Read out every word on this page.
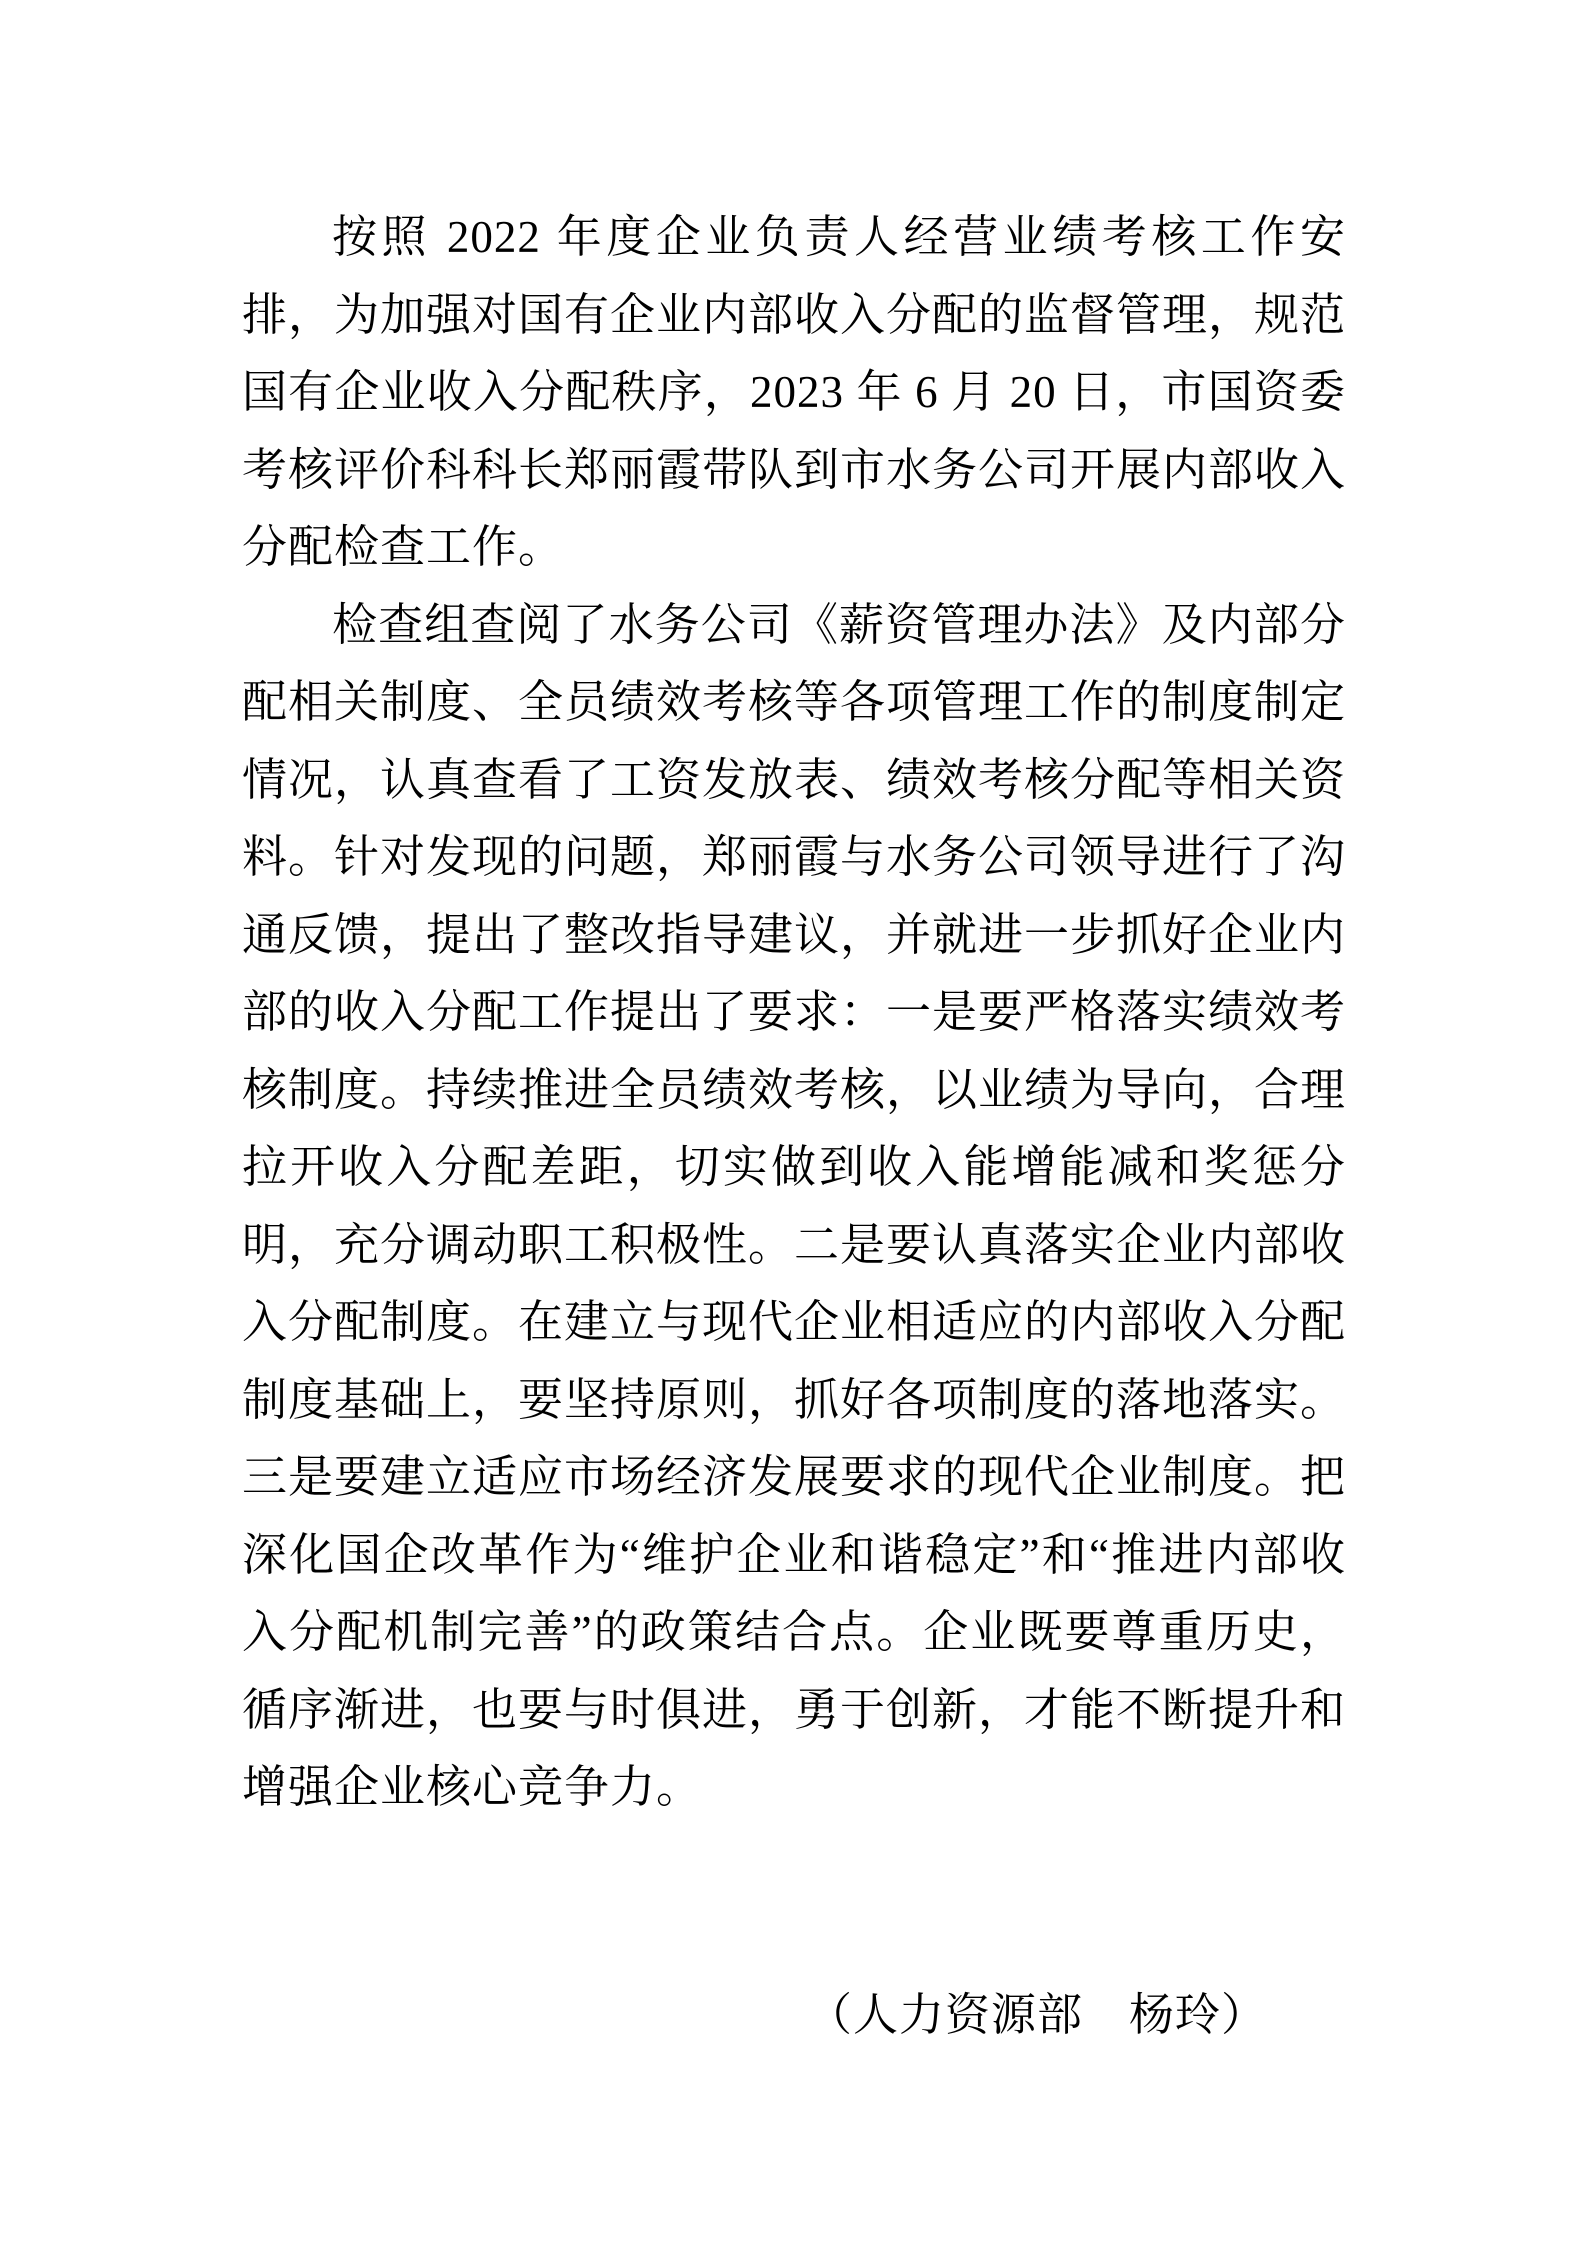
按照 2022 年度企业负责人经营业绩考核工作安排，为加强对国有企业内部收入分配的监督管理，规范国有企业收入分配秩序，2023 年 6 月 20 日，市国资委考核评价科科长郑丽霞带队到市水务公司开展内部收入分配检查工作。

检查组查阅了水务公司《薪资管理办法》及内部分配相关制度、全员绩效考核等各项管理工作的制度制定情况，认真查看了工资发放表、绩效考核分配等相关资料。针对发现的问题，郑丽霞与水务公司领导进行了沟通反馈，提出了整改指导建议，并就进一步抓好企业内部的收入分配工作提出了要求：一是要严格落实绩效考核制度。持续推进全员绩效考核，以业绩为导向，合理拉开收入分配差距，切实做到收入能增能减和奖惩分明，充分调动职工积极性。二是要认真落实企业内部收入分配制度。在建立与现代企业相适应的内部收入分配制度基础上，要坚持原则，抓好各项制度的落地落实。三是要建立适应市场经济发展要求的现代企业制度。把深化国企改革作为“维护企业和谐稳定”和“推进内部收入分配机制完善”的政策结合点。企业既要尊重历史，循序渐进，也要与时俱进，勇于创新，才能不断提升和增强企业核心竞争力。

（人力资源部　杨玲）
